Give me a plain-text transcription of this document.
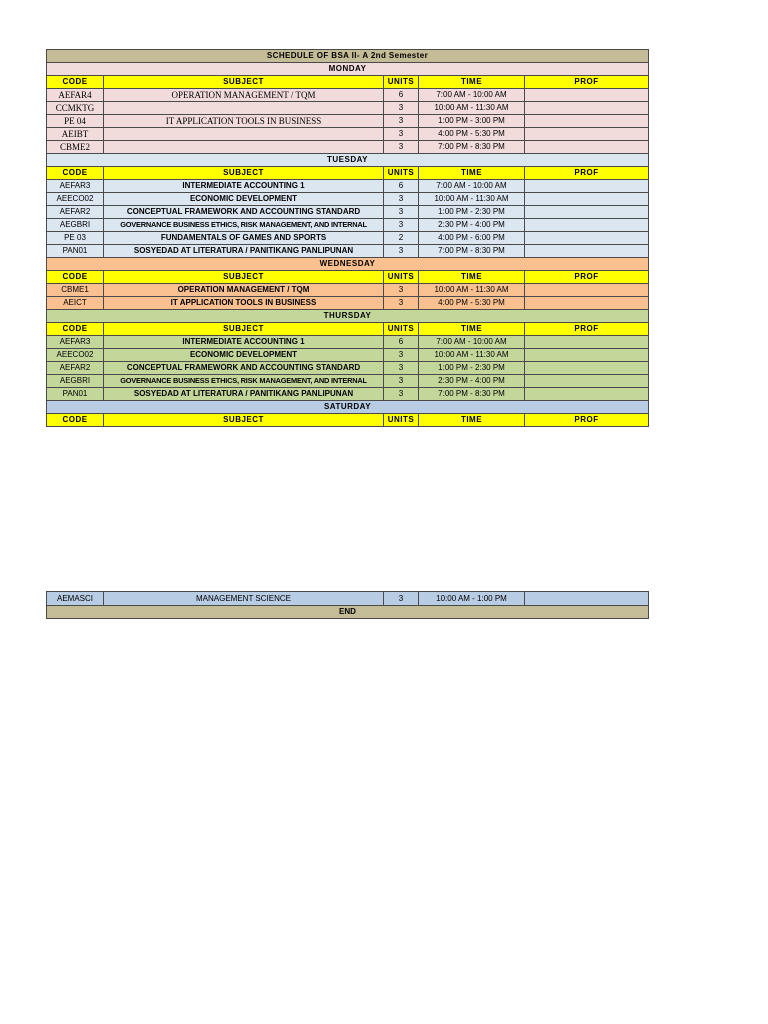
SCHEDULE OF BSA II- A 2nd Semester				
MONDAY				
CODE	SUBJECT	UNITS	TIME	PROF
AEFAR4	OPERATION MANAGEMENT / TQM	6	7:00 AM - 10:00 AM	
CCMKTG		3	10:00 AM - 11:30 AM	
PE 04	IT APPLICATION TOOLS IN BUSINESS	3	1:00 PM - 3:00 PM	
AEIBT		3	4:00 PM - 5:30 PM	
CBME2		3	7:00 PM - 8:30 PM	
TUESDAY				
CODE	SUBJECT	UNITS	TIME	PROF
AEFAR3	INTERMEDIATE ACCOUNTING 1	6	7:00 AM - 10:00 AM	
AEECO02	ECONOMIC DEVELOPMENT	3	10:00 AM - 11:30 AM	
AEFAR2	CONCEPTUAL FRAMEWORK AND ACCOUNTING STANDARD	3	1:00 PM - 2:30 PM	
AEGBRI	GOVERNANCE BUSINESS ETHICS, RISK MANAGEMENT, AND INTERNAL	3	2:30 PM - 4:00 PM	
PE 03	FUNDAMENTALS OF GAMES AND SPORTS	2	4:00 PM - 6:00 PM	
PAN01	SOSYEDAD AT LITERATURA / PANITIKANG PANLIPUNAN	3	7:00 PM - 8:30 PM	
WEDNESDAY				
CODE	SUBJECT	UNITS	TIME	PROF
CBME1	OPERATION MANAGEMENT / TQM	3	10:00 AM - 11:30 AM	
AEICT	IT APPLICATION TOOLS IN BUSINESS	3	4:00 PM - 5:30 PM	
THURSDAY				
CODE	SUBJECT	UNITS	TIME	PROF
AEFAR3	INTERMEDIATE ACCOUNTING 1	6	7:00 AM - 10:00 AM	
AEECO02	ECONOMIC DEVELOPMENT	3	10:00 AM - 11:30 AM	
AEFAR2	CONCEPTUAL FRAMEWORK AND ACCOUNTING STANDARD	3	1:00 PM - 2:30 PM	
AEGBRI	GOVERNANCE BUSINESS ETHICS, RISK MANAGEMENT, AND INTERNAL	3	2:30 PM - 4:00 PM	
PAN01	SOSYEDAD AT LITERATURA / PANITIKANG PANLIPUNAN	3	7:00 PM - 8:30 PM	
SATURDAY				
CODE	SUBJECT	UNITS	TIME	PROF
AEMASCI	MANAGEMENT SCIENCE	3	10:00 AM - 1:00 PM	
END
